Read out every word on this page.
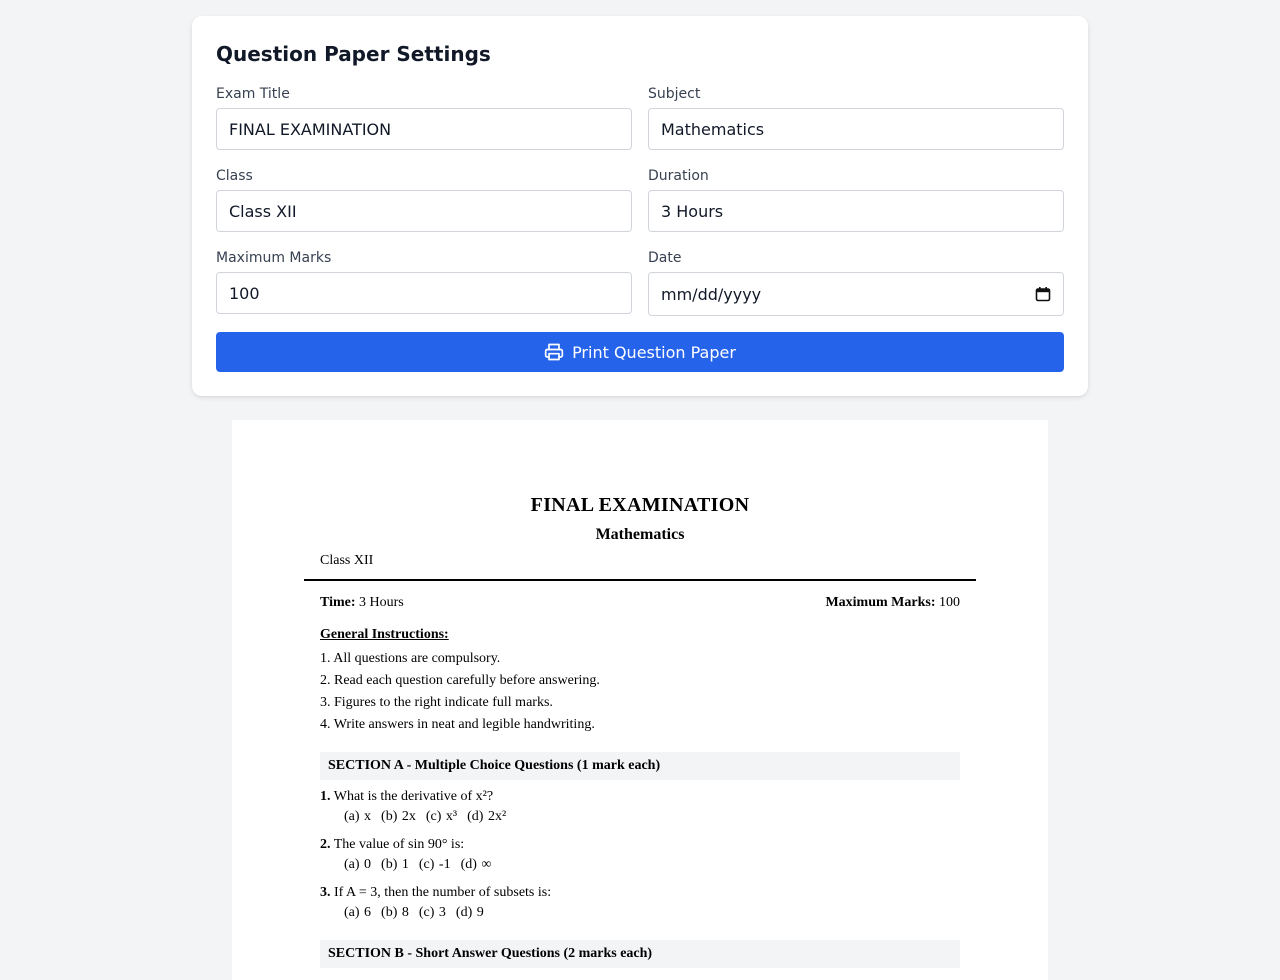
Question Paper Settings
Exam Title
FINAL EXAMINATION
Subject
Mathematics
Class
Class XII
Duration
3 Hours
Maximum Marks
100
Date
mm/dd/yyyy
Print Question Paper
FINAL EXAMINATION
Mathematics
Class XII
Time: 3 Hours	Maximum Marks: 100
General Instructions:
1. All questions are compulsory.
2. Read each question carefully before answering.
3. Figures to the right indicate full marks.
4. Write answers in neat and legible handwriting.
SECTION A - Multiple Choice Questions (1 mark each)
1. What is the derivative of x²?
(a) x (b) 2x (c) x³ (d) 2x²
2. The value of sin 90° is:
(a) 0 (b) 1 (c) -1 (d) ∞
3. If A = 3, then the number of subsets is:
(a) 6 (b) 8 (c) 3 (d) 9
SECTION B - Short Answer Questions (2 marks each)
